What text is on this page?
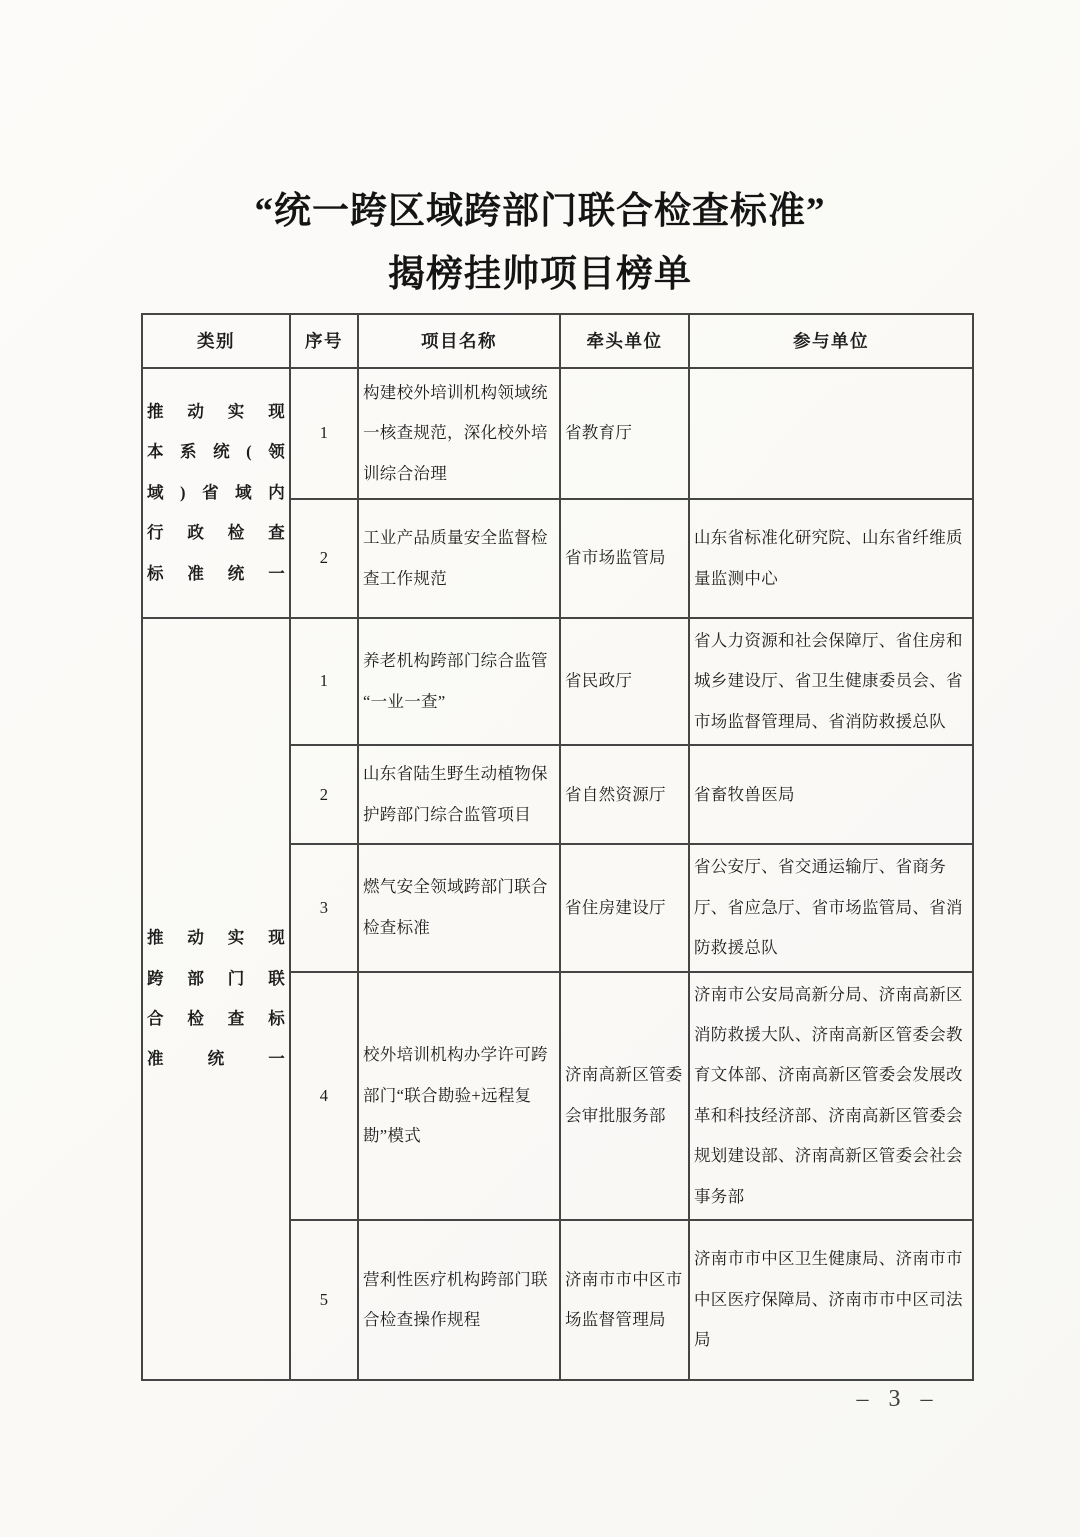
“统一跨区域跨部门联合检查标准”
揭榜挂帅项目榜单
类别	序号	项目名称	牵头单位	参与单位

推动实现
本系统(领
域)省域内
行政检查
标准统一	1	构建校外培训机构领域统一核查规范，深化校外培训综合治理	省教育厅	
	2	工业产品质量安全监督检查工作规范	省市场监管局	山东省标准化研究院、山东省纤维质量监测中心

推动实现
跨部门联
合检查标
准统一	1	养老机构跨部门综合监管“一业一查”	省民政厅	省人力资源和社会保障厅、省住房和城乡建设厅、省卫生健康委员会、省市场监督管理局、省消防救援总队
	2	山东省陆生野生动植物保护跨部门综合监管项目	省自然资源厅	省畜牧兽医局
	3	燃气安全领域跨部门联合检查标准	省住房建设厅	省公安厅、省交通运输厅、省商务厅、省应急厅、省市场监管局、省消防救援总队
	4	校外培训机构办学许可跨部门“联合勘验+远程复勘”模式	济南高新区管委会审批服务部	济南市公安局高新分局、济南高新区消防救援大队、济南高新区管委会教育文体部、济南高新区管委会发展改革和科技经济部、济南高新区管委会规划建设部、济南高新区管委会社会事务部
	5	营利性医疗机构跨部门联合检查操作规程	济南市市中区市场监督管理局	济南市市中区卫生健康局、济南市市中区医疗保障局、济南市市中区司法局
– 3 –
